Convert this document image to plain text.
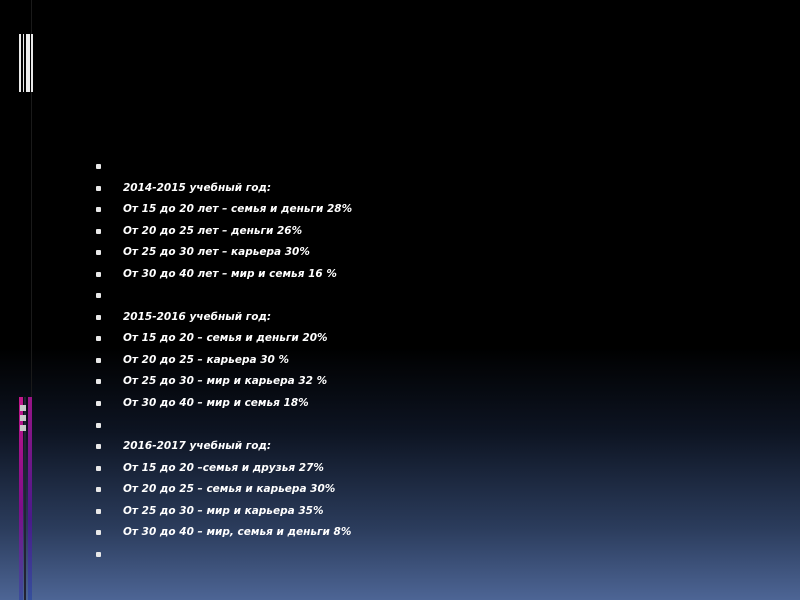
2014-2015 учебный год:
От 15 до 20 лет – семья и деньги 28%
От 20 до 25 лет – деньги 26%
От 25 до 30 лет – карьера 30%
От 30 до 40 лет – мир и семья 16 %
2015-2016 учебный год:
От 15 до 20 – семья и деньги 20%
От 20 до 25 – карьера 30 %
От 25 до 30 – мир и карьера 32 %
От 30 до 40 – мир и семья 18%
2016-2017 учебный год:
От 15 до 20 –семья и друзья 27%
От 20 до 25 – семья и карьера 30%
От 25 до 30 – мир и карьера 35%
От 30 до 40 – мир, семья и деньги 8%
